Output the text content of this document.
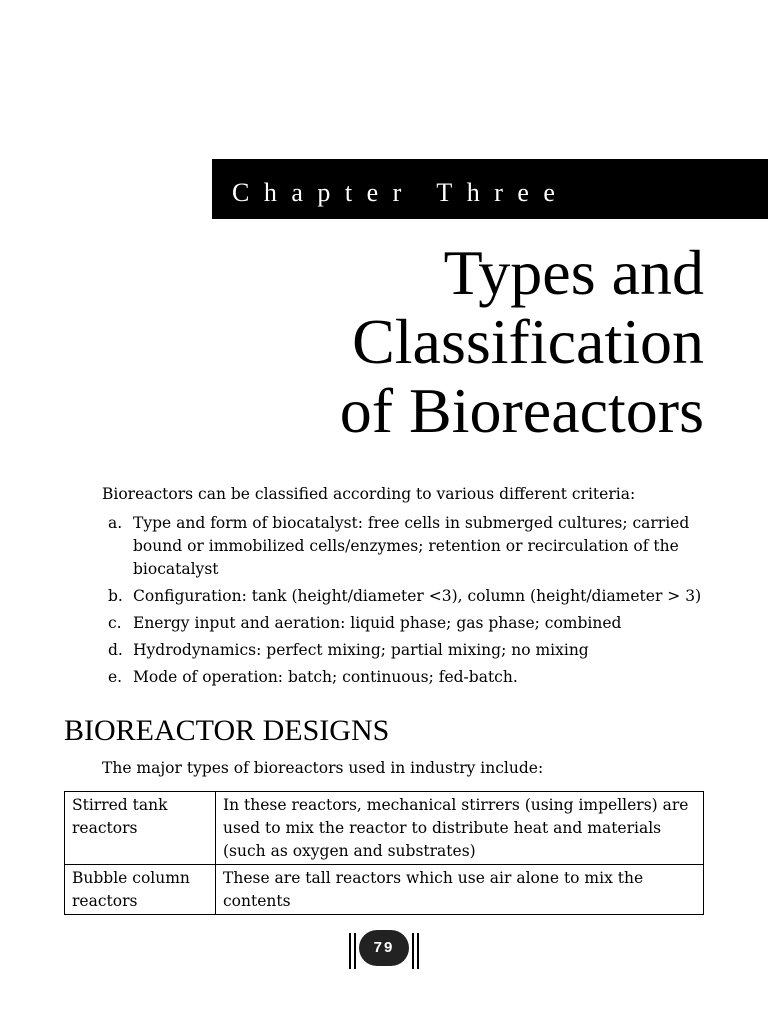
Chapter Three
Types and
Classification
of Bioreactors

Bioreactors can be classified according to various different criteria:

a. Type and form of biocatalyst: free cells in submerged cultures; carried bound or immobilized cells/enzymes; retention or recirculation of the biocatalyst
b. Configuration: tank (height/diameter <3), column (height/diameter > 3)
c. Energy input and aeration: liquid phase; gas phase; combined
d. Hydrodynamics: perfect mixing; partial mixing; no mixing
e. Mode of operation: batch; continuous; fed-batch.
BIOREACTOR DESIGNS

The major types of bioreactors used in industry include:

Stirred tank reactors	In these reactors, mechanical stirrers (using impellers) are used to mix the reactor to distribute heat and materials (such as oxygen and substrates)
Bubble column reactors	These are tall reactors which use air alone to mix the contents
79
